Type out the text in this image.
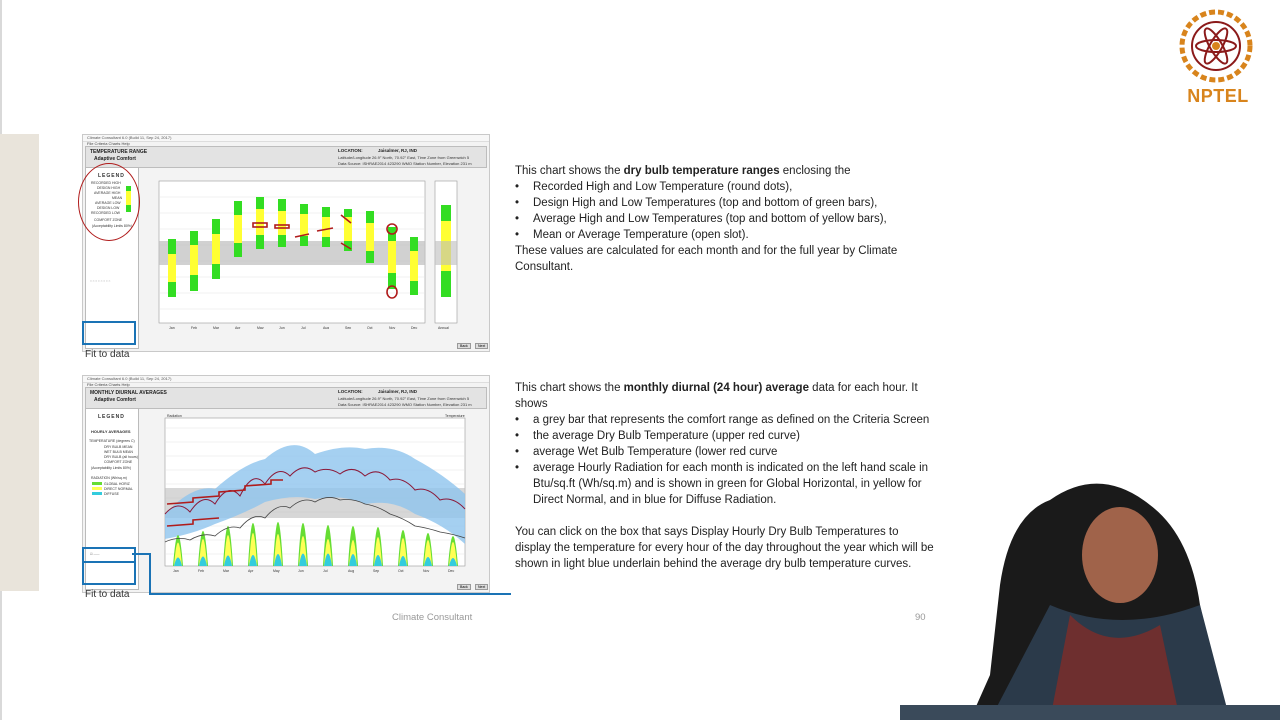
NPTEL
Climate Consultant 6.0 (Build 11, Sep 24, 2017)
File Criteria Charts Help
TEMPERATURE RANGE
Adaptive Comfort
LOCATION:	Jaisalmer, RJ, IND
Latitude/Longitude 26.9° North, 70.92° East, Time Zone from Greenwich 5
Data Source: ISHRAE2014 423290 WMO Station Number, Elevation 231 m
LEGEND
RECORDED HIGH
DESIGN HIGH
AVERAGE HIGH
MEAN
AVERAGE LOW
DESIGN LOW
RECORDED LOW
COMFORT ZONE
(Acceptability Limits 80%)
○ ○ ○ ○ ○ ○ ○ ○
Jan	Feb	Mar	Apr	May	Jun	Jul	Aug	Sep	Oct	Nov	Dec	Annual
Back	Next
Fit to data
Climate Consultant 6.0 (Build 11, Sep 24, 2017)
File Criteria Charts Help
MONTHLY DIURNAL AVERAGES
Adaptive Comfort
LOCATION:	Jaisalmer, RJ, IND
Latitude/Longitude 26.9° North, 70.92° East, Time Zone from Greenwich 5
Data Source: ISHRAE2014 423290 WMO Station Number, Elevation 231 m
LEGEND
HOURLY AVERAGES
TEMPERATURE (degrees C)
DRY BULB MEAN
WET BULB MEAN
DRY BULB (all hours)
COMFORT ZONE
(Acceptability Limits 80%)
RADIATION (Wh/sq.m)
GLOBAL HORIZ
DIRECT NORMAL
DIFFUSE
☑ ——
Radiation	Temperature
Jan	Feb	Mar	Apr	May	Jun	Jul	Aug	Sep	Oct	Nov	Dec
Back	Next
Fit to data

This chart shows the dry bulb temperature ranges enclosing the

• Recorded High and Low Temperature (round dots),
• Design High and Low Temperatures (top and bottom of green bars),
• Average High and Low Temperatures (top and bottom of yellow bars),
• Mean or Average Temperature (open slot).

These values are calculated for each month and for the full year by Climate Consultant.

This chart shows the monthly diurnal (24 hour) average data for each hour. It shows

• a grey bar that represents the comfort range as defined on the Criteria Screen
• the average Dry Bulb Temperature (upper red curve)
• average Wet Bulb Temperature (lower red curve
• average Hourly Radiation for each month is indicated on the left hand scale in Btu/sq.ft (Wh/sq.m) and is shown in green for Global Horizontal, in yellow for Direct Normal, and in blue for Diffuse Radiation.

You can click on the box that says Display Hourly Dry Bulb Temperatures to display the temperature for every hour of the day throughout the year which will be shown in light blue underlain behind the average dry bulb temperature curves.

Climate Consultant	90
